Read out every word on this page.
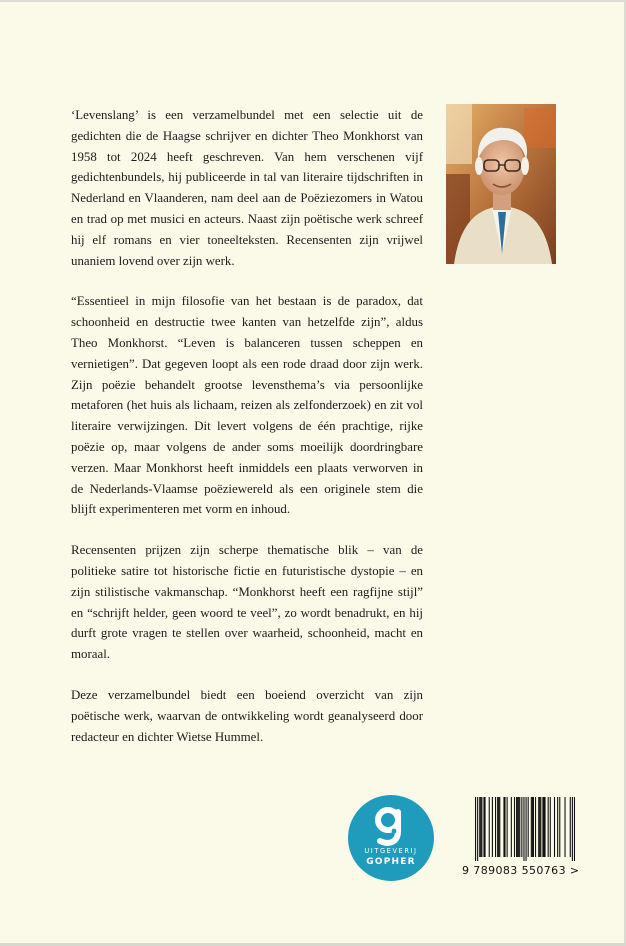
‘Levenslang’ is een verzamelbundel met een selectie uit de gedichten die de Haagse schrijver en dichter Theo Monkhorst van 1958 tot 2024 heeft geschreven. Van hem verschenen vijf gedichtenbundels, hij publiceerde in tal van literaire tijdschriften in Nederland en Vlaanderen, nam deel aan de Poëziezomers in Watou en trad op met musici en acteurs. Naast zijn poëtische werk schreef hij elf romans en vier toneelteksten. Recensenten zijn vrijwel unaniem lovend over zijn werk.

“Essentieel in mijn filosofie van het bestaan is de paradox, dat schoonheid en destructie twee kanten van hetzelfde zijn”, aldus Theo Monkhorst. “Leven is balanceren tussen scheppen en vernietigen”. Dat gegeven loopt als een rode draad door zijn werk. Zijn poëzie behandelt grootse levensthema’s via persoonlijke metaforen (het huis als lichaam, reizen als zelfonderzoek) en zit vol literaire verwijzingen. Dit levert volgens de één prachtige, rijke poëzie op, maar volgens de ander soms moeilijk doordringbare verzen. Maar Monkhorst heeft inmiddels een plaats verworven in de Nederlands-Vlaamse poëziewereld als een originele stem die blijft experimenteren met vorm en inhoud.

Recensenten prijzen zijn scherpe thematische blik – van de politieke satire tot historische fictie en futuristische dystopie – en zijn stilistische vakmanschap. “Monkhorst heeft een ragfijne stijl” en “schrijft helder, geen woord te veel”, zo wordt benadrukt, en hij durft grote vragen te stellen over waarheid, schoonheid, macht en moraal.

Deze verzamelbundel biedt een boeiend overzicht van zijn poëtische werk, waarvan de ontwikkeling wordt geanalyseerd door redacteur en dichter Wietse Hummel.

UITGEVERIJ
GOPHER
9 789083 550763 >
